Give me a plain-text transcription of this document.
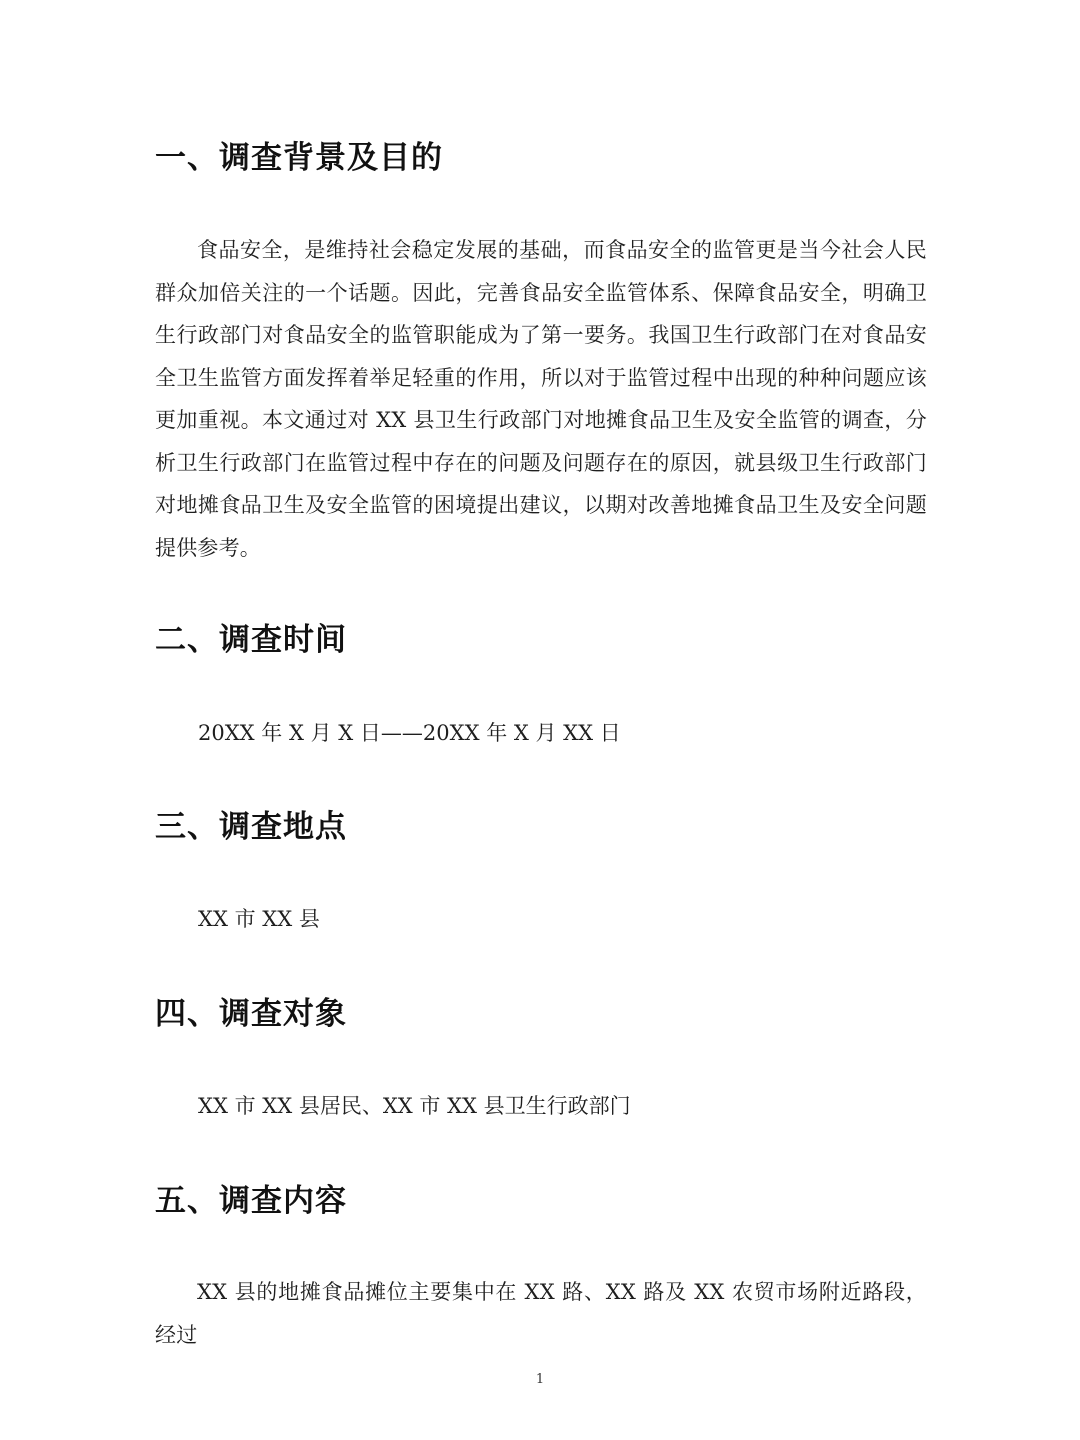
一、调查背景及目的

食品安全，是维持社会稳定发展的基础，而食品安全的监管更是当今社会人民群众加倍关注的一个话题。因此，完善食品安全监管体系、保障食品安全，明确卫生行政部门对食品安全的监管职能成为了第一要务。我国卫生行政部门在对食品安全卫生监管方面发挥着举足轻重的作用，所以对于监管过程中出现的种种问题应该更加重视。本文通过对 XX 县卫生行政部门对地摊食品卫生及安全监管的调查，分析卫生行政部门在监管过程中存在的问题及问题存在的原因，就县级卫生行政部门对地摊食品卫生及安全监管的困境提出建议，以期对改善地摊食品卫生及安全问题提供参考。

二、调查时间

20XX 年 X 月 X 日——20XX 年 X 月 XX 日

三、调查地点

XX 市 XX 县

四、调查对象

XX 市 XX 县居民、XX 市 XX 县卫生行政部门

五、调查内容

XX 县的地摊食品摊位主要集中在 XX 路、XX 路及 XX 农贸市场附近路段，经过

1
